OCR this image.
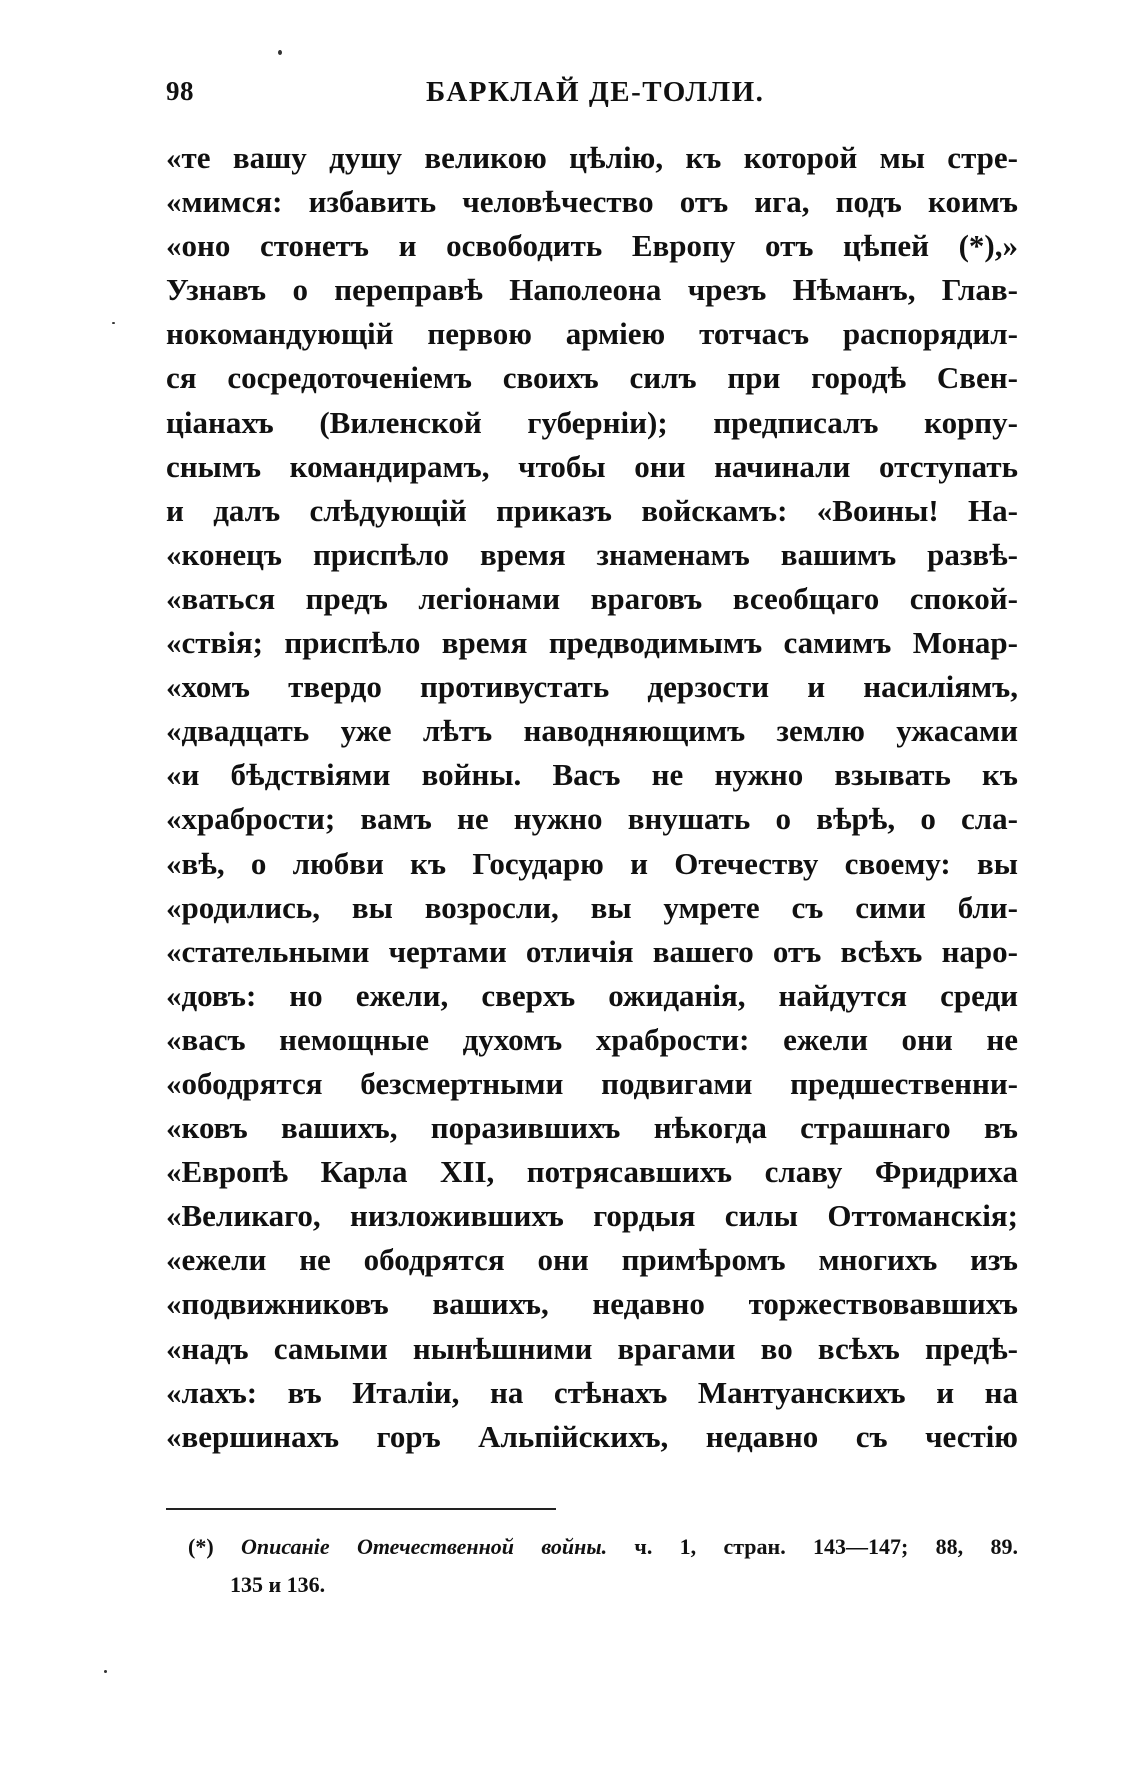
98	БАРКЛАЙ ДЕ-ТОЛЛИ.
«те вашу душу великою цѣлiю, къ которой мы стре-
«мимся: избавить человѣчество отъ ига, подъ коимъ
«оно стонетъ и освободить Европу отъ цѣпей (*),»
Узнавъ о переправѣ Наполеона чрезъ Нѣманъ, Глав-
нокомандующiй первою армiею тотчасъ распорядил-
ся сосредоточенiемъ своихъ силъ при городѣ Свен-
цiанахъ (Виленской губернiи); предписалъ корпу-
снымъ командирамъ, чтобы они начинали отступать
и далъ слѣдующiй приказъ войскамъ: «Воины! На-
«конецъ приспѣло время знаменамъ вашимъ развѣ-
«ваться предъ легiонами враговъ всеобщаго спокой-
«ствiя; приспѣло время предводимымъ самимъ Монар-
«хомъ твердо противустать дерзости и насилiямъ,
«двадцать уже лѣтъ наводняющимъ землю ужасами
«и бѣдствiями войны. Васъ не нужно взывать къ
«храбрости; вамъ не нужно внушать о вѣрѣ, о сла-
«вѣ, о любви къ Государю и Отечеству своему: вы
«родились, вы возросли, вы умрете съ сими бли-
«стательными чертами отличiя вашего отъ всѣхъ наро-
«довъ: но ежели, сверхъ ожиданiя, найдутся среди
«васъ немощные духомъ храбрости: ежели они не
«ободрятся безсмертными подвигами предшественни-
«ковъ вашихъ, поразившихъ нѣкогда страшнаго въ
«Европѣ Карла XII, потрясавшихъ славу Фридриха
«Великаго, низложившихъ гордыя силы Оттоманскiя;
«ежели не ободрятся они примѣромъ многихъ изъ
«подвижниковъ вашихъ, недавно торжествовавшихъ
«надъ самыми нынѣшними врагами во всѣхъ предѣ-
«лахъ: въ Италiи, на стѣнахъ Мантуанскихъ и на
«вершинахъ горъ Альпiйскихъ, недавно съ честiю
(*) Описанiе Отечественной войны. ч. 1, стран. 143—147; 88, 89.
135 и 136.
